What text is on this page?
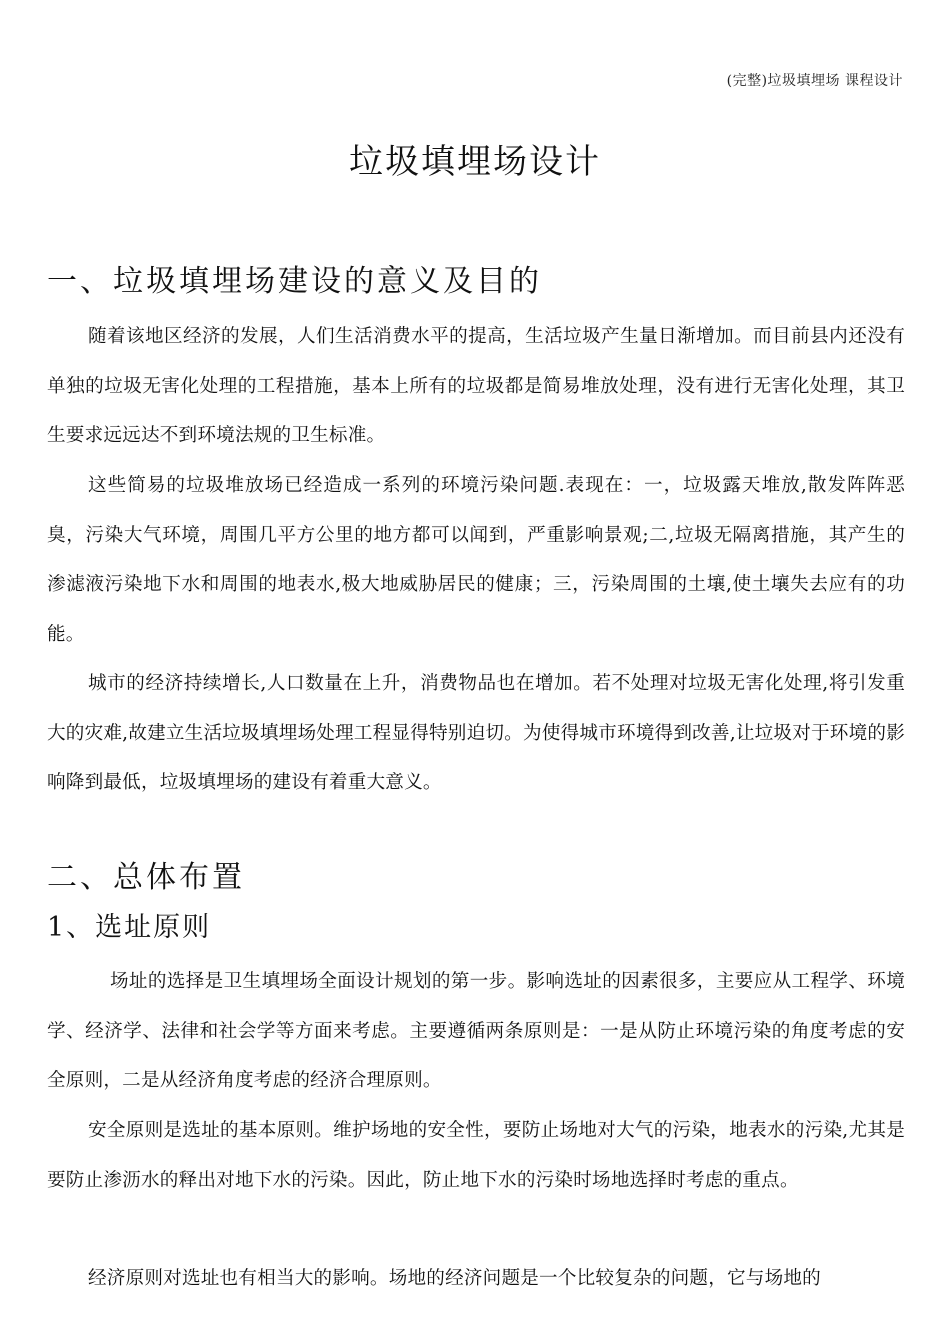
(完整)垃圾填埋场 课程设计
垃圾填埋场设计
一、垃圾填埋场建设的意义及目的

随着该地区经济的发展，人们生活消费水平的提高，生活垃圾产生量日渐增加。而目前县内还没有单独的垃圾无害化处理的工程措施，基本上所有的垃圾都是简易堆放处理，没有进行无害化处理，其卫生要求远远达不到环境法规的卫生标准。

这些简易的垃圾堆放场已经造成一系列的环境污染问题.表现在：一，垃圾露天堆放,散发阵阵恶臭，污染大气环境，周围几平方公里的地方都可以闻到，严重影响景观;二,垃圾无隔离措施，其产生的渗滤液污染地下水和周围的地表水,极大地威胁居民的健康；三，污染周围的土壤,使土壤失去应有的功能。

城市的经济持续增长,人口数量在上升，消费物品也在增加。若不处理对垃圾无害化处理,将引发重大的灾难,故建立生活垃圾填埋场处理工程显得特别迫切。为使得城市环境得到改善,让垃圾对于环境的影响降到最低，垃圾填埋场的建设有着重大意义。

二、总体布置
1、选址原则

场址的选择是卫生填埋场全面设计规划的第一步。影响选址的因素很多，主要应从工程学、环境学、经济学、法律和社会学等方面来考虑。主要遵循两条原则是：一是从防止环境污染的角度考虑的安全原则，二是从经济角度考虑的经济合理原则。

安全原则是选址的基本原则。维护场地的安全性，要防止场地对大气的污染，地表水的污染,尤其是要防止渗沥水的释出对地下水的污染。因此，防止地下水的污染时场地选择时考虑的重点。

经济原则对选址也有相当大的影响。场地的经济问题是一个比较复杂的问题，它与场地的
